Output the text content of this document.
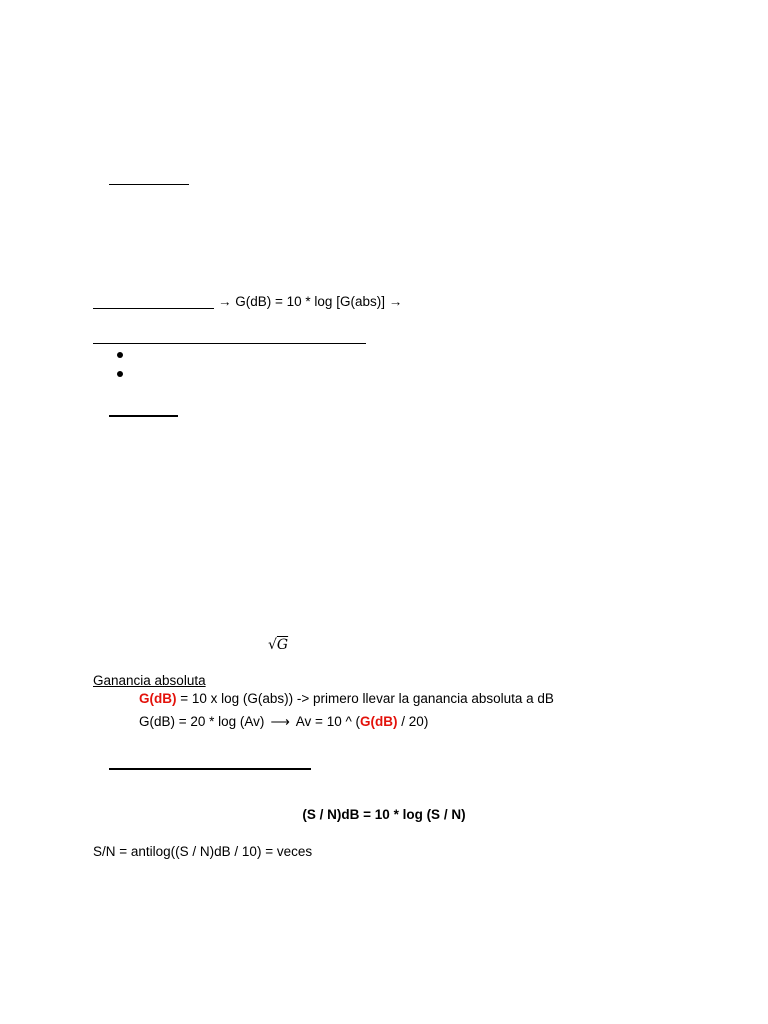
→ G(dB) = 10 * log [G(abs)] →
√G
Ganancia absoluta
G(dB) = 10 x log (G(abs)) -> primero llevar la ganancia absoluta a dB
G(dB) = 20 * log (Av) ⟶ Av = 10 ^ (G(dB) / 20)
(S / N)dB = 10 * log (S / N)
S/N = antilog((S / N)dB / 10) = veces
